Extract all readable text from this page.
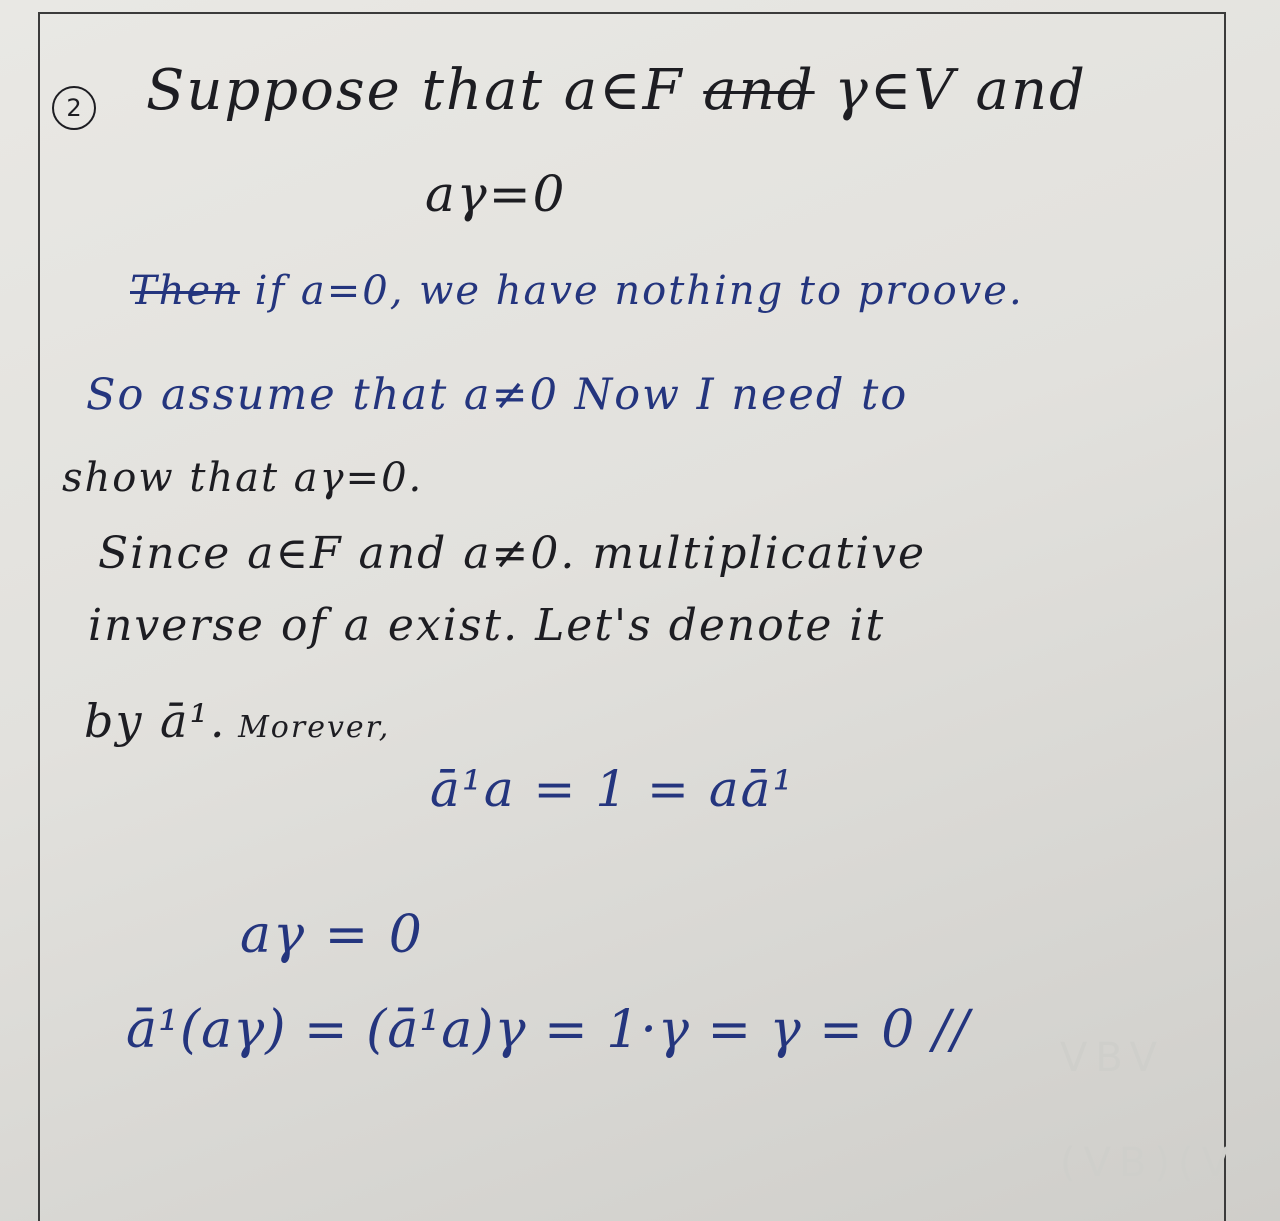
VBV
(VB)(V
2 Suppose that a∈F and γ∈V and
aγ=0
Then if a=0, we have nothing to proove.
So assume that a≠0 Now I need to
show that aγ=0.
Since a∈F and a≠0. multiplicative
inverse of a exist. Let's denote it
by ā¹. Morever,
ā¹a = 1 = aā¹
aγ = 0
ā¹(aγ) = (ā¹a)γ = 1·γ = γ = 0 //
